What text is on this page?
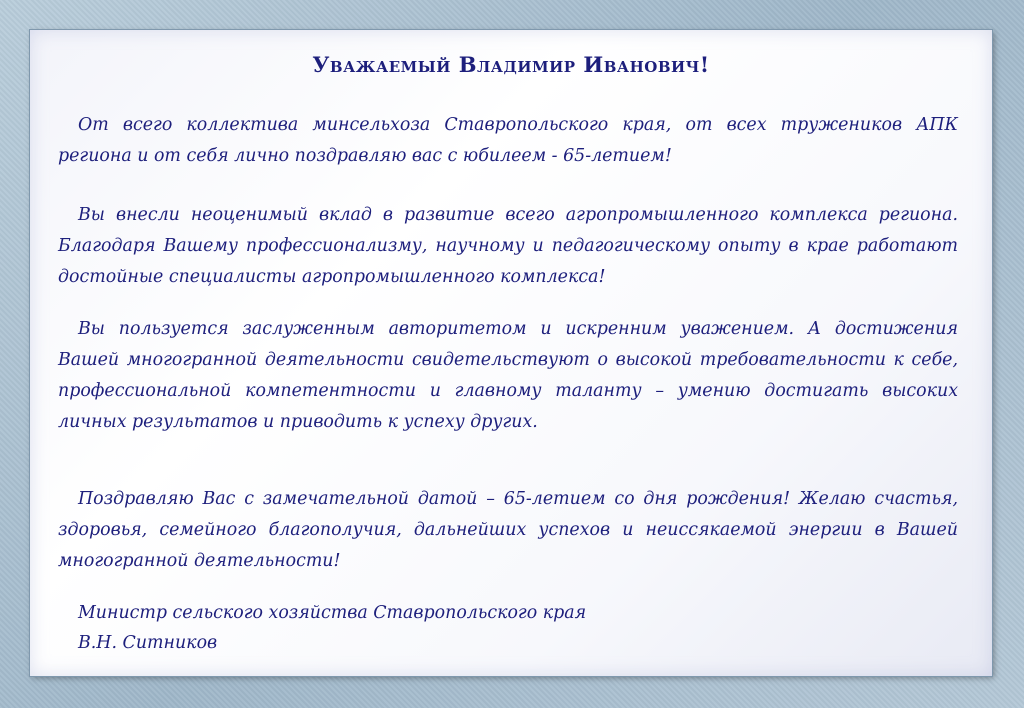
Уважаемый Владимир Иванович!

От всего коллектива минсельхоза Ставропольского края, от всех тружеников АПК региона и от себя лично поздравляю вас с юбилеем - 65-летием!

Вы внесли неоценимый вклад в развитие всего агропромышленного комплекса региона. Благодаря Вашему профессионализму, научному и педагогическому опыту в крае работают достойные специалисты агропромышленного комплекса!

Вы пользуется заслуженным авторитетом и искренним уважением. А достижения Вашей многогранной деятельности свидетельствуют о высокой требовательности к себе, профессиональной компетентности и главному таланту – умению достигать высоких личных результатов и приводить к успеху других.

Поздравляю Вас с замечательной датой – 65-летием со дня рождения! Желаю счастья, здоровья, семейного благополучия, дальнейших успехов и неиссякаемой энергии в Вашей многогранной деятельности!

Министр сельского хозяйства Ставропольского края

В.Н. Ситников
